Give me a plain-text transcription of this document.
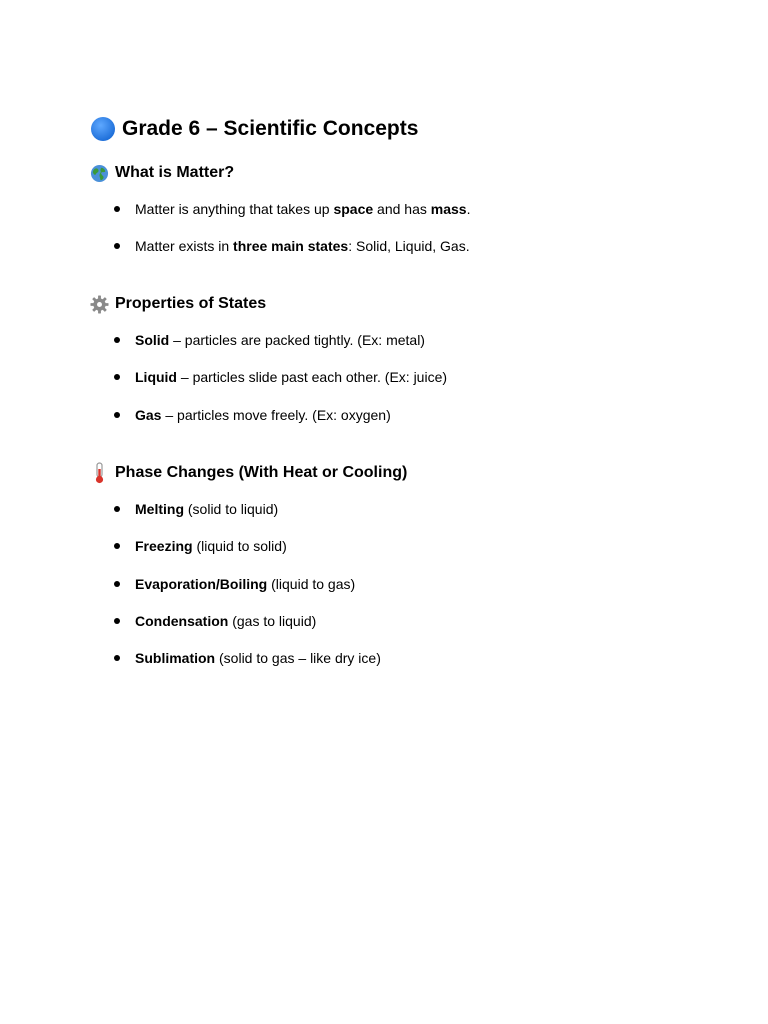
Grade 6 – Scientific Concepts
What is Matter?
Matter is anything that takes up space and has mass.
Matter exists in three main states: Solid, Liquid, Gas.
Properties of States
Solid – particles are packed tightly. (Ex: metal)
Liquid – particles slide past each other. (Ex: juice)
Gas – particles move freely. (Ex: oxygen)
Phase Changes (With Heat or Cooling)
Melting (solid to liquid)
Freezing (liquid to solid)
Evaporation/Boiling (liquid to gas)
Condensation (gas to liquid)
Sublimation (solid to gas – like dry ice)
